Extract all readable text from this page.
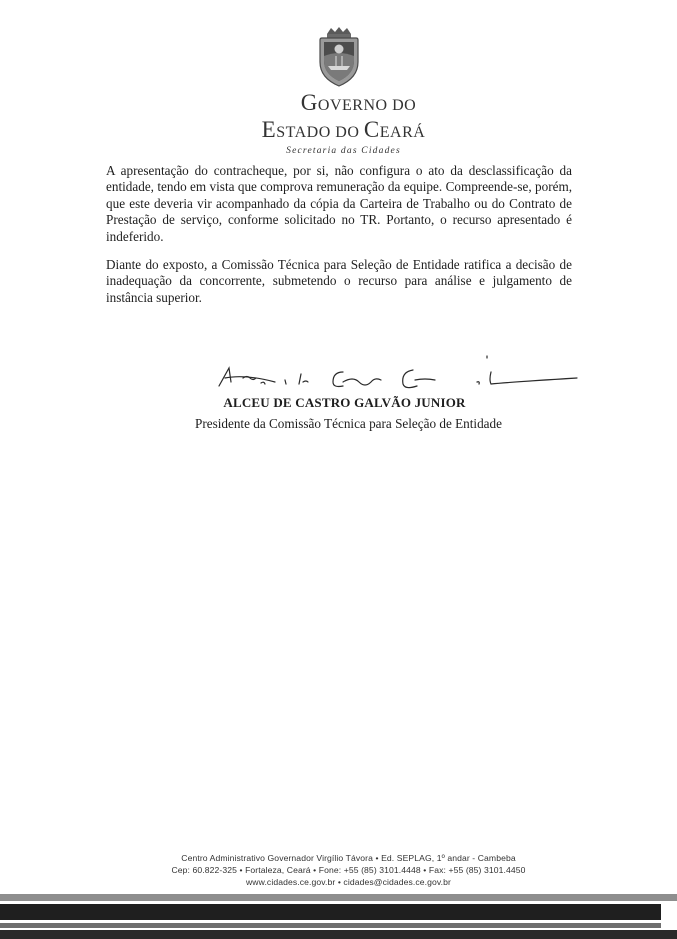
GOVERNO DO
ESTADO DO CEARÁ
Secretaria das Cidades

A apresentação do contracheque, por si, não configura o ato da desclassificação da entidade, tendo em vista que comprova remuneração da equipe. Compreende-se, porém, que este deveria vir acompanhado da cópia da Carteira de Trabalho ou do Contrato de Prestação de serviço, conforme solicitado no TR. Portanto, o recurso apresentado é indeferido.

Diante do exposto, a Comissão Técnica para Seleção de Entidade ratifica a decisão de inadequação da concorrente, submetendo o recurso para análise e julgamento de instância superior.

ALCEU DE CASTRO GALVÃO JUNIOR
Presidente da Comissão Técnica para Seleção de Entidade
Centro Administrativo Governador Virgílio Távora • Ed. SEPLAG, 1º andar - Cambeba
Cep: 60.822-325 • Fortaleza, Ceará • Fone: +55 (85) 3101.4448 • Fax: +55 (85) 3101.4450
www.cidades.ce.gov.br • cidades@cidades.ce.gov.br
